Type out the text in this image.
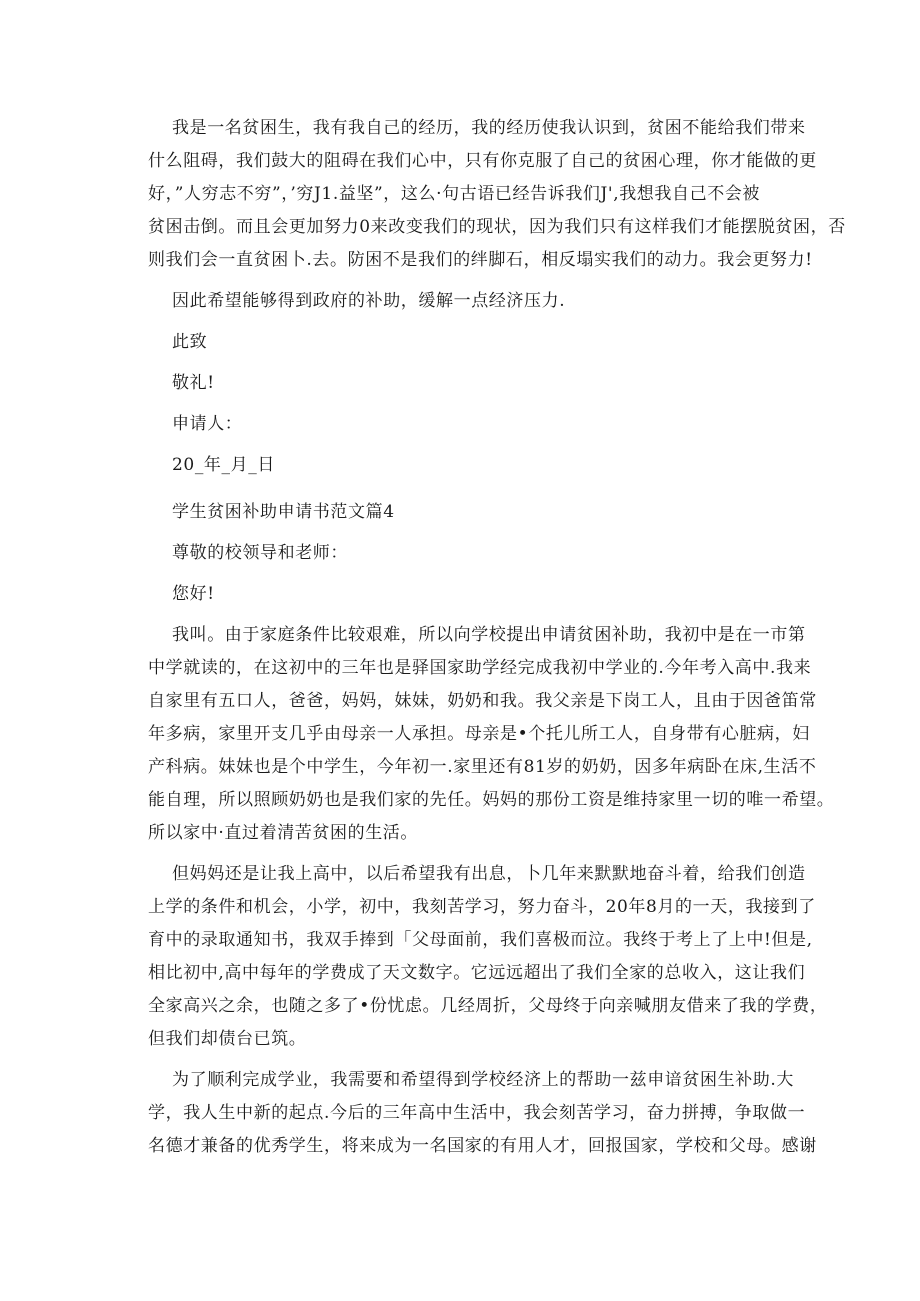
我是一名贫困生，我有我自己的经历，我的经历使我认识到，贫困不能给我们带来
什么阻碍，我们鼓大的阻碍在我们心中，只有你克服了自己的贫困心理，你才能做的更
好，”人穷志不穷”，’穷J1.益坚”，这么·句古语已经告诉我们J',我想我自己不会被
贫困击倒。而且会更加努力0来改变我们的现状，因为我们只有这样我们才能摆脱贫困，否
则我们会一直贫困卜.去。防困不是我们的绊脚石，相反塌实我们的动力。我会更努力!
因此希望能够得到政府的补助，缓解一点经济压力.
此致
敬礼!
申请人：
20_年_月_日
学生贫困补助申请书范文篇4
尊敬的校领导和老师：
您好!
我叫。由于家庭条件比较艰难，所以向学校提出申请贫困补助，我初中是在一市第
中学就读的，在这初中的三年也是驿国家助学经完成我初中学业的.今年考入高中.我来
自家里有五口人，爸爸，妈妈，妹妹，奶奶和我。我父亲是下岗工人，且由于因爸笛常
年多病，家里开支几乎由母亲一人承担。母亲是•个托儿所工人，自身带有心脏病，妇
产科病。妹妹也是个中学生，今年初一.家里还有81岁的奶奶，因多年病卧在床,生活不
能自理，所以照顾奶奶也是我们家的先任。妈妈的那份工资是维持家里一切的唯一希望。
所以家中·直过着清苦贫困的生活。
但妈妈还是让我上高中，以后希望我有出息，卜几年来默默地奋斗着，给我们创造
上学的条件和机会，小学，初中，我刻苦学习，努力奋斗，20年8月的一天，我接到了
育中的录取通知书，我双手捧到「父母面前，我们喜极而泣。我终于考上了上中!但是,
相比初中,高中每年的学费成了天文数字。它远远超出了我们全家的总收入，这让我们
全家高兴之余，也随之多了•份忧虑。几经周折，父母终于向亲喊朋友借来了我的学费，
但我们却债台已筑。
为了顺利完成学业，我需要和希望得到学校经济上的帮助一兹申谙贫困生补助.大
学，我人生中新的起点.今后的三年高中生活中，我会刻苦学习，奋力拼搏，争取做一
名德才兼备的优秀学生，将来成为一名国家的有用人才，回报国家，学校和父母。感谢
